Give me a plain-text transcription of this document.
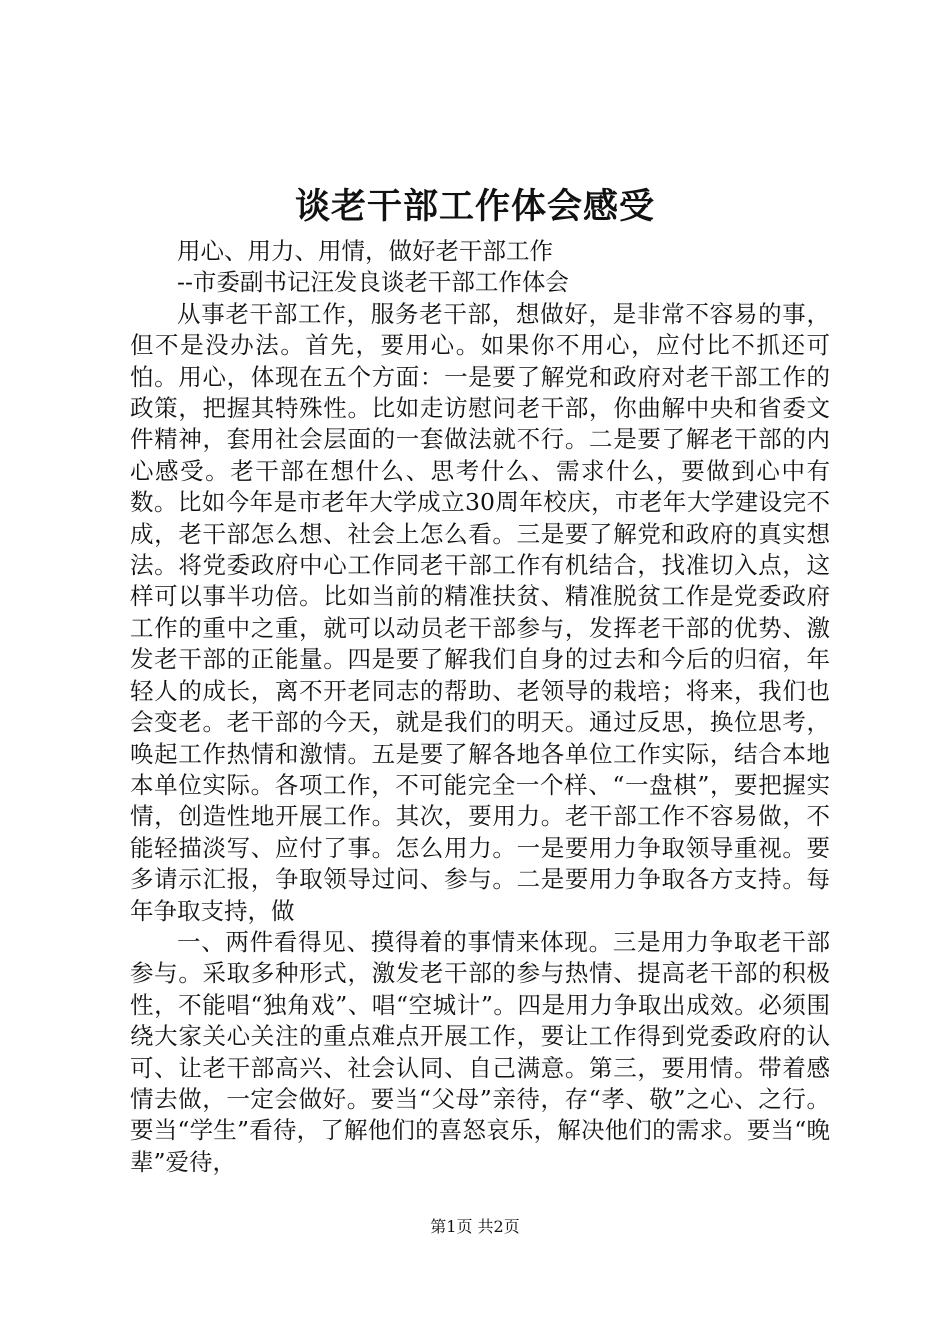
谈老干部工作体会感受

用心、用力、用情，做好老干部工作

--市委副书记汪发良谈老干部工作体会

从事老干部工作，服务老干部，想做好，是非常不容易的事，但不是没办法。首先，要用心。如果你不用心，应付比不抓还可怕。用心，体现在五个方面：一是要了解党和政府对老干部工作的政策，把握其特殊性。比如走访慰问老干部，你曲解中央和省委文件精神，套用社会层面的一套做法就不行。二是要了解老干部的内心感受。老干部在想什么、思考什么、需求什么，要做到心中有数。比如今年是市老年大学成立30周年校庆，市老年大学建设完不成，老干部怎么想、社会上怎么看。三是要了解党和政府的真实想法。将党委政府中心工作同老干部工作有机结合，找准切入点，这样可以事半功倍。比如当前的精准扶贫、精准脱贫工作是党委政府工作的重中之重，就可以动员老干部参与，发挥老干部的优势、激发老干部的正能量。四是要了解我们自身的过去和今后的归宿，年轻人的成长，离不开老同志的帮助、老领导的栽培；将来，我们也会变老。老干部的今天，就是我们的明天。通过反思，换位思考，唤起工作热情和激情。五是要了解各地各单位工作实际，结合本地本单位实际。各项工作，不可能完全一个样、“一盘棋”，要把握实情，创造性地开展工作。其次，要用力。老干部工作不容易做，不能轻描淡写、应付了事。怎么用力。一是要用力争取领导重视。要多请示汇报，争取领导过问、参与。二是要用力争取各方支持。每年争取支持，做

一、两件看得见、摸得着的事情来体现。三是用力争取老干部参与。采取多种形式，激发老干部的参与热情、提高老干部的积极性，不能唱“独角戏”、唱“空城计”。四是用力争取出成效。必须围绕大家关心关注的重点难点开展工作，要让工作得到党委政府的认可、让老干部高兴、社会认同、自己满意。第三，要用情。带着感情去做，一定会做好。要当“父母”亲待，存“孝、敬”之心、之行。要当“学生”看待，了解他们的喜怒哀乐，解决他们的需求。要当“晚辈”爱待，

第1页 共2页
